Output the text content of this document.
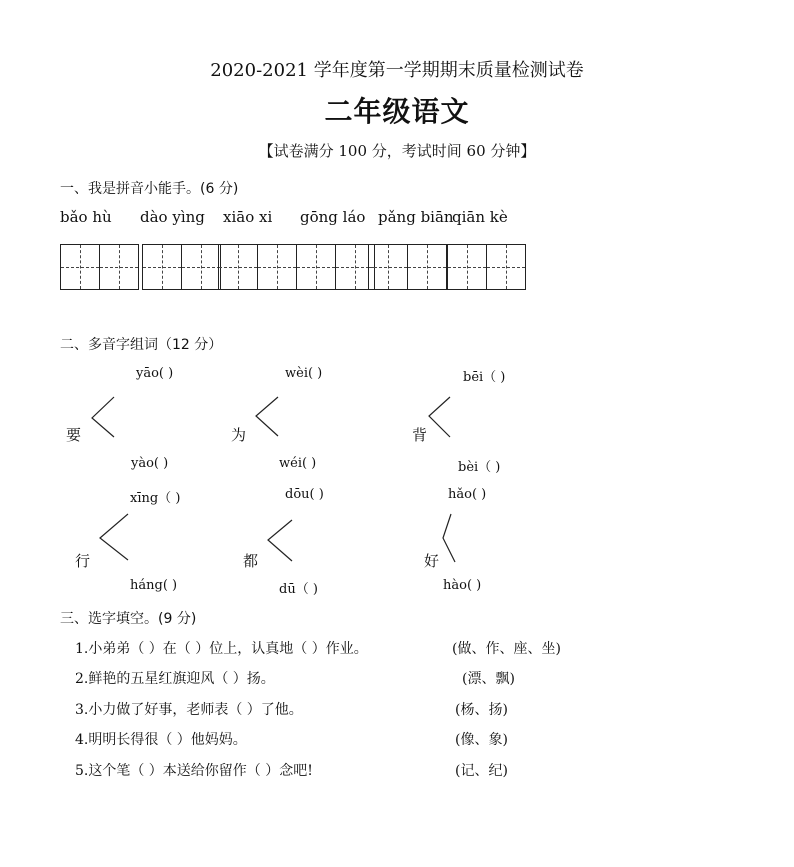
2020-2021 学年度第一学期期末质量检测试卷
二年级语文
【试卷满分 100 分，考试时间 60 分钟】
一、我是拼音小能手。(6 分)
bǎo hù dào yìng xiāo xi gōng láo pǎng biān
qiān kè
二、多音字组词（12 分）
yāo( )	wèi( )	bēi（ )
要	为	背
yào( )	wéi( )	bèi（ )
xīng（ )	dōu( )	hǎo( )
行	都	好
háng( )	dū（ )	hào( )
三、选字填空。(9 分)
1.小弟弟（ ）在（ ）位上，认真地（ ）作业。	(做、作、座、坐)
2.鲜艳的五星红旗迎风（ ）扬。	(漂、飘)
3.小力做了好事，老师表（ ）了他。	(杨、扬)
4.明明长得很（ ）他妈妈。	(像、象)
5.这个笔（ ）本送给你留作（ ）念吧!	(记、纪)
